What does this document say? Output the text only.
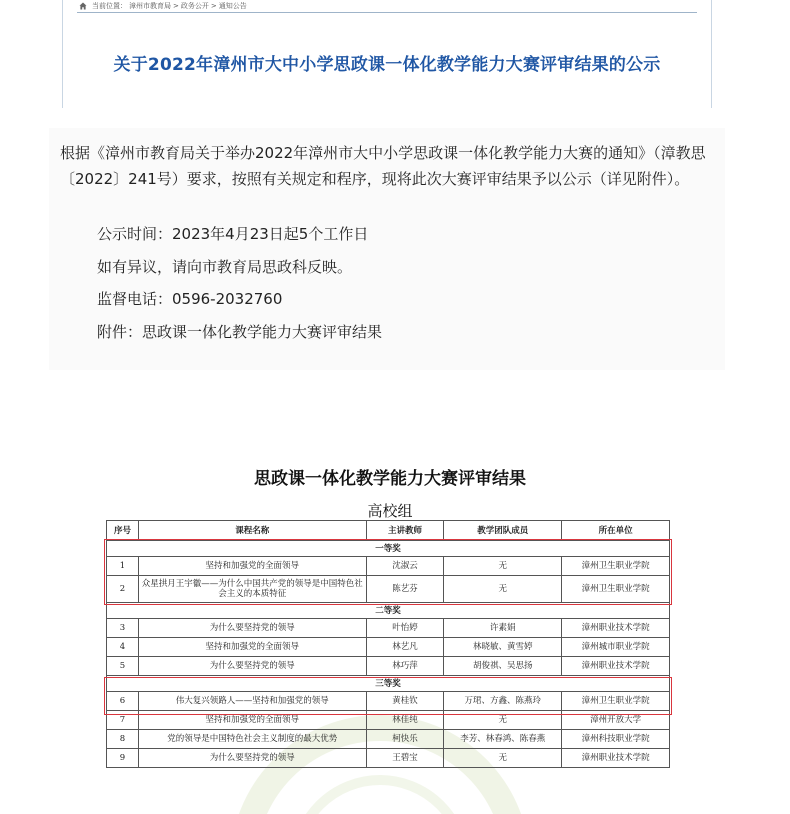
当前位置： 漳州市教育局 > 政务公开 > 通知公告
关于2022年漳州市大中小学思政课一体化教学能力大赛评审结果的公示
根据《漳州市教育局关于举办2022年漳州市大中小学思政课一体化教学能力大赛的通知》（漳教思〔2022〕241号）要求，按照有关规定和程序，现将此次大赛评审结果予以公示（详见附件）。
公示时间：2023年4月23日起5个工作日
如有异议，请向市教育局思政科反映。
监督电话：0596-2032760
附件：思政课一体化教学能力大赛评审结果
思政课一体化教学能力大赛评审结果
高校组
序号	课程名称	主讲教师	教学团队成员	所在单位
一等奖				
1	坚持和加强党的全面领导	沈淑云	无	漳州卫生职业学院
2	众星拱月王宇徽——为什么中国共产党的领导是中国特色社会主义的本质特征	陈艺芬	无	漳州卫生职业学院
二等奖				
3	为什么要坚持党的领导	叶怡婷	许素娟	漳州职业技术学院
4	坚持和加强党的全面领导	林艺凡	林晓敏、黄雪婷	漳州城市职业学院
5	为什么要坚持党的领导	林巧萍	胡俊祺、吴思扬	漳州职业技术学院
三等奖				
6	伟大复兴领路人——坚持和加强党的领导	黄桂钦	万珺、方鑫、陈燕玲	漳州卫生职业学院
7	坚持和加强党的全面领导	林佳纯	无	漳州开放大学
8	党的领导是中国特色社会主义制度的最大优势	柯快乐	李芳、林春鸿、陈春燕	漳州科技职业学院
9	为什么要坚持党的领导	王碧宝	无	漳州职业技术学院
